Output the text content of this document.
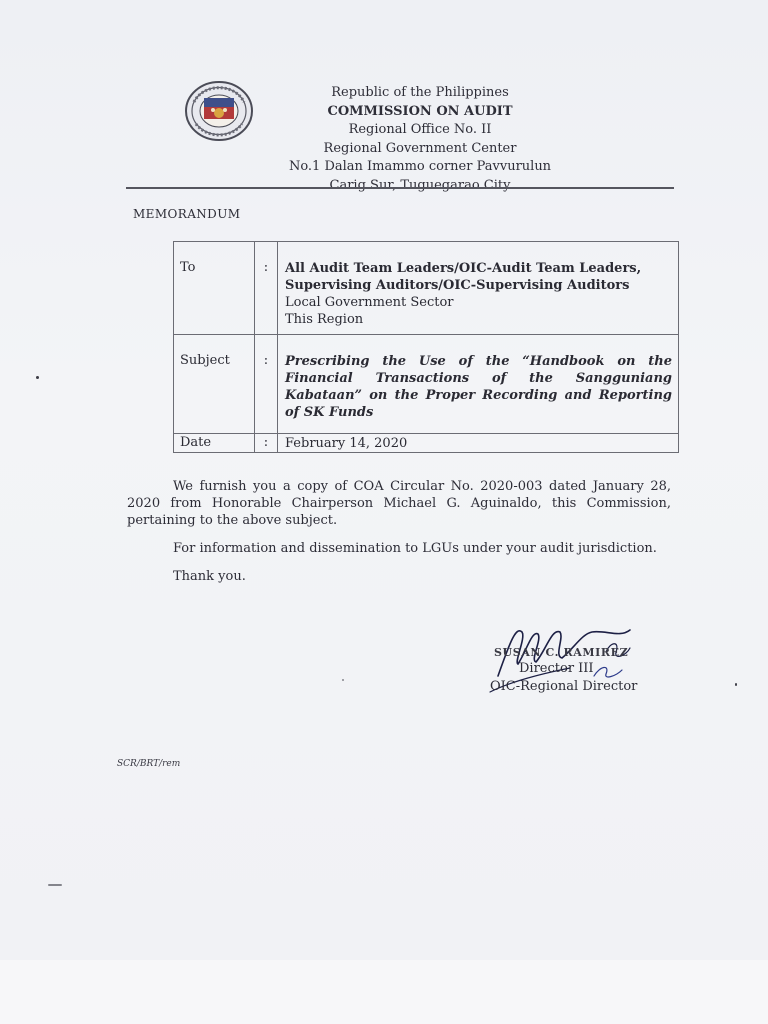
Republic of the Philippines
COMMISSION ON AUDIT
Regional Office No. II
Regional Government Center
No.1 Dalan Imammo corner Pavvurulun
Carig Sur, Tuguegarao City
MEMORANDUM
To	:	All Audit Team Leaders/OIC-Audit Team Leaders,
Supervising Auditors/OIC-Supervising Auditors
Local Government Sector
This Region

Subject	:	Prescribing the Use of the “Handbook on the Financial Transactions of the Sangguniang Kabataan” on the Proper Recording and Reporting of SK Funds

Date	:	February 14, 2020

We furnish you a copy of COA Circular No. 2020-003 dated January 28, 2020 from Honorable Chairperson Michael G. Aguinaldo, this Commission, pertaining to the above subject.

For information and dissemination to LGUs under your audit jurisdiction.

Thank you.

SUSAN C. RAMIREZ
Director III
OIC-Regional Director
SCR/BRT/rem
